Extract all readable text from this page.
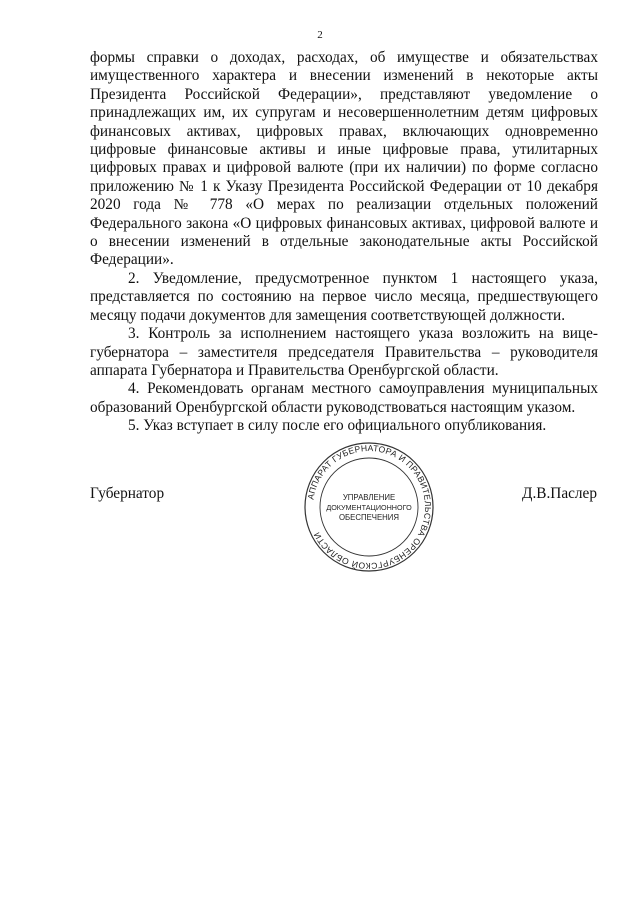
2

формы справки о доходах, расходах, об имуществе и обязательствах имущественного характера и внесении изменений в некоторые акты Президента Российской Федерации», представляют уведомление о принадлежащих им, их супругам и несовершеннолетним детям цифровых финансовых активах, цифровых правах, включающих одновременно цифровые финансовые активы и иные цифровые права, утилитарных цифровых правах и цифровой валюте (при их наличии) по форме согласно приложению № 1 к Указу Президента Российской Федерации от 10 декабря 2020 года № 778 «О мерах по реализации отдельных положений Федерального закона «О цифровых финансовых активах, цифровой валюте и о внесении изменений в отдельные законодательные акты Российской Федерации».

2. Уведомление, предусмотренное пунктом 1 настоящего указа, представляется по состоянию на первое число месяца, предшествующего месяцу подачи документов для замещения соответствующей должности.

3. Контроль за исполнением настоящего указа возложить на вице-губернатора – заместителя председателя Правительства – руководителя аппарата Губернатора и Правительства Оренбургской области.

4. Рекомендовать органам местного самоуправления муниципальных образований Оренбургской области руководствоваться настоящим указом.

5. Указ вступает в силу после его официального опубликования.

Губернатор	Д.В.Паслер
АППАРАТ ГУБЕРНАТОРА И ПРАВИТЕЛЬСТВА ОРЕНБУРГСКОЙ ОБЛАСТИ
УПРАВЛЕНИЕ
ДОКУМЕНТАЦИОННОГО
ОБЕСПЕЧЕНИЯ
